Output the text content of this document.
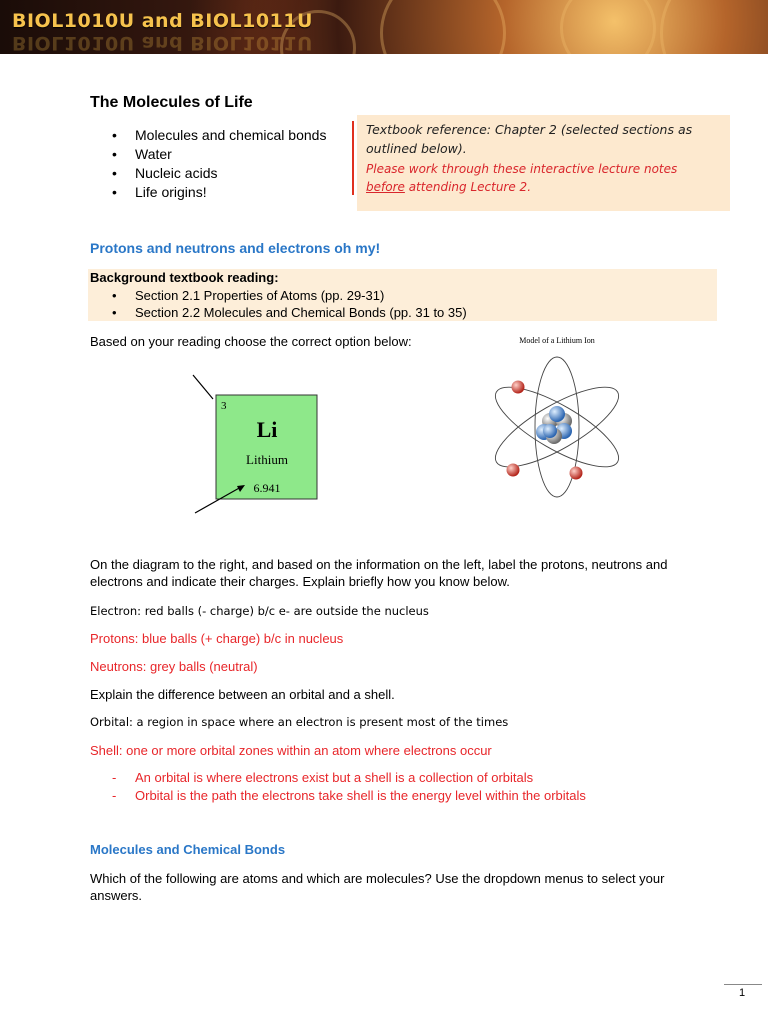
BIOL1010U and BIOL1011U
BIOL1010U and BIOL1011U
The Molecules of Life
• Molecules and chemical bonds
• Water
• Nucleic acids
• Life origins!

Textbook reference: Chapter 2 (selected sections as outlined below).

Please work through these interactive lecture notes before attending Lecture 2.

Protons and neutrons and electrons oh my!
Background textbook reading:
• Section 2.1 Properties of Atoms (pp. 29-31)
• Section 2.2 Molecules and Chemical Bonds (pp. 31 to 35)
Based on your reading choose the correct option below:
3
Li
Lithium
6.941
Model of a Lithium Ion
On the diagram to the right, and based on the information on the left, label the protons, neutrons and electrons and indicate their charges. Explain briefly how you know below.
Electron: red balls (- charge) b/c e- are outside the nucleus
Protons: blue balls (+ charge) b/c in nucleus
Neutrons: grey balls (neutral)
Explain the difference between an orbital and a shell.
Orbital: a region in space where an electron is present most of the times
Shell: one or more orbital zones within an atom where electrons occur
- An orbital is where electrons exist but a shell is a collection of orbitals
- Orbital is the path the electrons take shell is the energy level within the orbitals
Molecules and Chemical Bonds
Which of the following are atoms and which are molecules? Use the dropdown menus to select your answers.
1
